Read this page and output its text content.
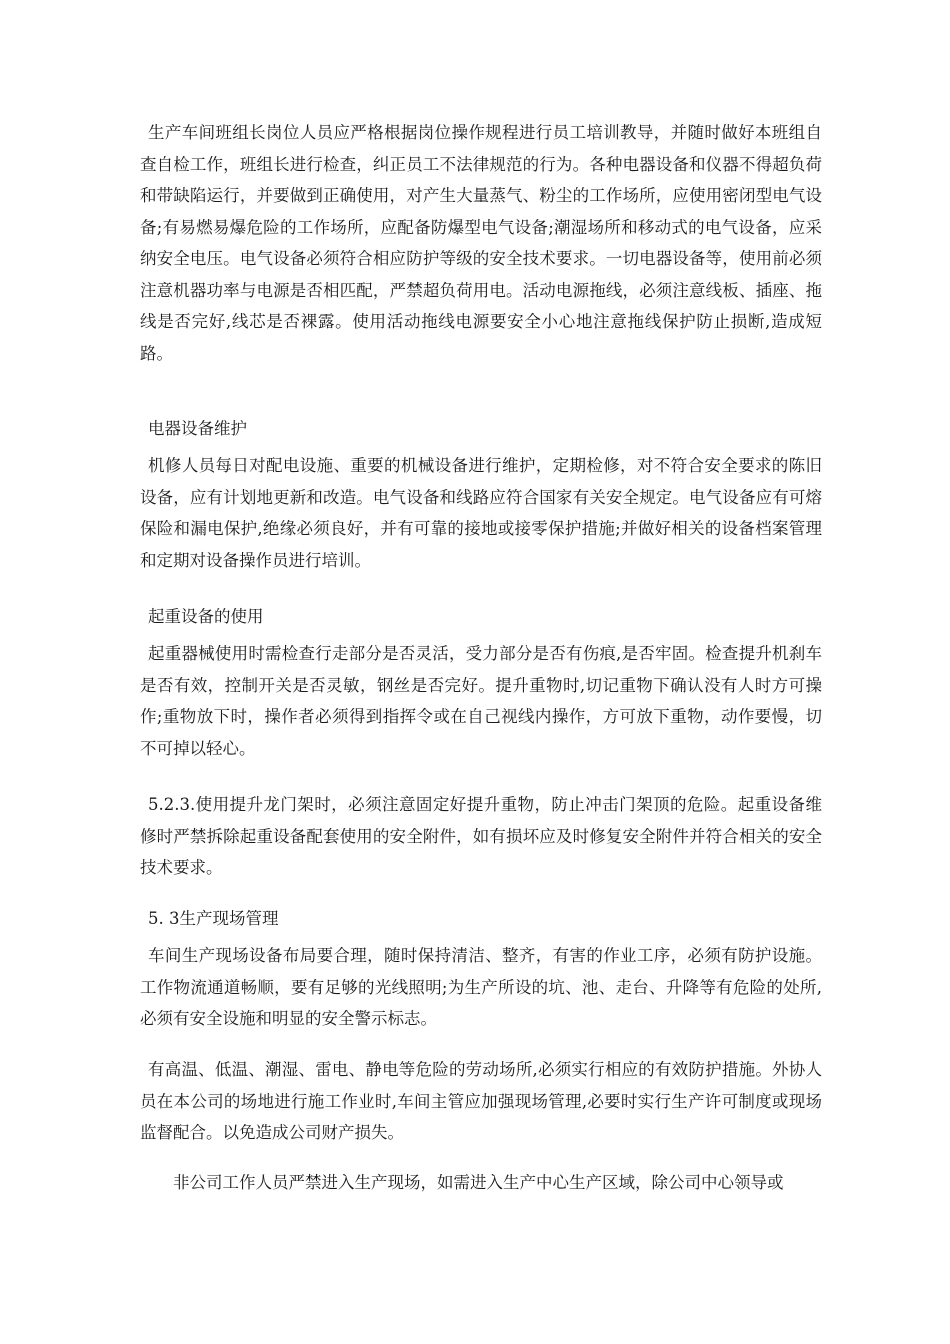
生产车间班组长岗位人员应严格根据岗位操作规程进行员工培训教导，并随时做好本班组自查自检工作，班组长进行检查，纠正员工不法律规范的行为。各种电器设备和仪器不得超负荷和带缺陷运行，并要做到正确使用，对产生大量蒸气、粉尘的工作场所，应使用密闭型电气设备;有易燃易爆危险的工作场所，应配备防爆型电气设备;潮湿场所和移动式的电气设备，应采纳安全电压。电气设备必须符合相应防护等级的安全技术要求。一切电器设备等，使用前必须注意机器功率与电源是否相匹配，严禁超负荷用电。活动电源拖线，必须注意线板、插座、拖线是否完好,线芯是否裸露。使用活动拖线电源要安全小心地注意拖线保护防止损断,造成短路。

电器设备维护

机修人员每日对配电设施、重要的机械设备进行维护，定期检修，对不符合安全要求的陈旧设备，应有计划地更新和改造。电气设备和线路应符合国家有关安全规定。电气设备应有可熔保险和漏电保护,绝缘必须良好，并有可靠的接地或接零保护措施;并做好相关的设备档案管理和定期对设备操作员进行培训。

起重设备的使用

起重器械使用时需检查行走部分是否灵活，受力部分是否有伤痕,是否牢固。检查提升机刹车是否有效，控制开关是否灵敏，钢丝是否完好。提升重物时,切记重物下确认没有人时方可操作;重物放下时，操作者必须得到指挥令或在自己视线内操作，方可放下重物，动作要慢，切不可掉以轻心。

5.2.3.使用提升龙门架时，必须注意固定好提升重物，防止冲击门架顶的危险。起重设备维修时严禁拆除起重设备配套使用的安全附件，如有损坏应及时修复安全附件并符合相关的安全技术要求。

5. 3生产现场管理

车间生产现场设备布局要合理，随时保持清洁、整齐，有害的作业工序，必须有防护设施。工作物流通道畅顺，要有足够的光线照明;为生产所设的坑、池、走台、升降等有危险的处所,必须有安全设施和明显的安全警示标志。

有高温、低温、潮湿、雷电、静电等危险的劳动场所,必须实行相应的有效防护措施。外协人员在本公司的场地进行施工作业时,车间主管应加强现场管理,必要时实行生产许可制度或现场监督配合。以免造成公司财产损失。

非公司工作人员严禁进入生产现场，如需进入生产中心生产区域，除公司中心领导或
